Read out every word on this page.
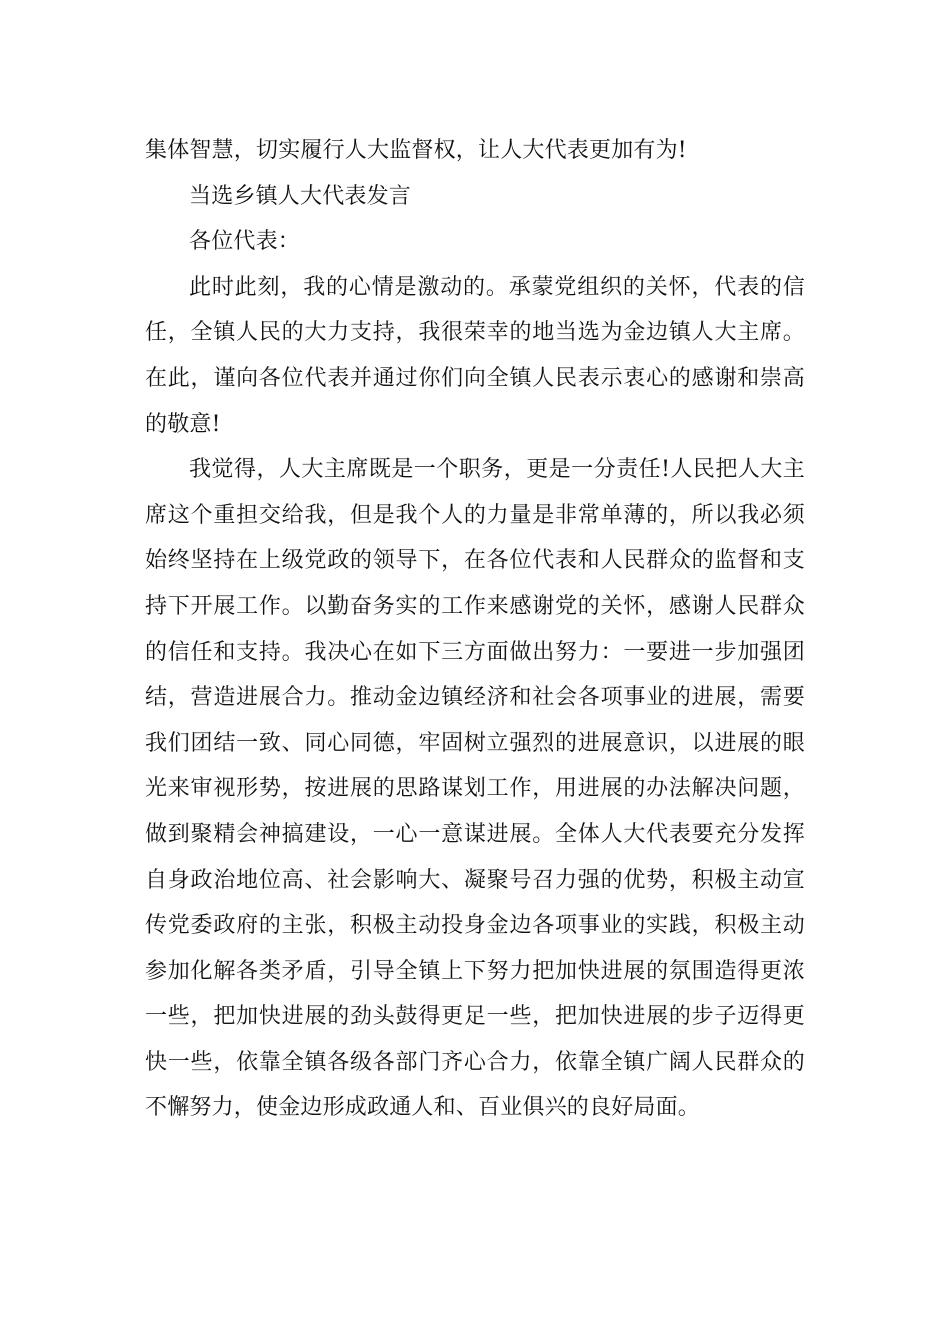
集体智慧，切实履行人大监督权，让人大代表更加有为!

当选乡镇人大代表发言

各位代表：

此时此刻，我的心情是激动的。承蒙党组织的关怀，代表的信任，全镇人民的大力支持，我很荣幸的地当选为金边镇人大主席。在此，谨向各位代表并通过你们向全镇人民表示衷心的感谢和崇高的敬意!

我觉得，人大主席既是一个职务，更是一分责任!人民把人大主席这个重担交给我，但是我个人的力量是非常单薄的，所以我必须始终坚持在上级党政的领导下，在各位代表和人民群众的监督和支持下开展工作。以勤奋务实的工作来感谢党的关怀，感谢人民群众的信任和支持。我决心在如下三方面做出努力：一要进一步加强团结，营造进展合力。推动金边镇经济和社会各项事业的进展，需要我们团结一致、同心同德，牢固树立强烈的进展意识，以进展的眼光来审视形势，按进展的思路谋划工作，用进展的办法解决问题，做到聚精会神搞建设，一心一意谋进展。全体人大代表要充分发挥自身政治地位高、社会影响大、凝聚号召力强的优势，积极主动宣传党委政府的主张，积极主动投身金边各项事业的实践，积极主动参加化解各类矛盾，引导全镇上下努力把加快进展的氛围造得更浓一些，把加快进展的劲头鼓得更足一些，把加快进展的步子迈得更快一些，依靠全镇各级各部门齐心合力，依靠全镇广阔人民群众的不懈努力，使金边形成政通人和、百业俱兴的良好局面。
